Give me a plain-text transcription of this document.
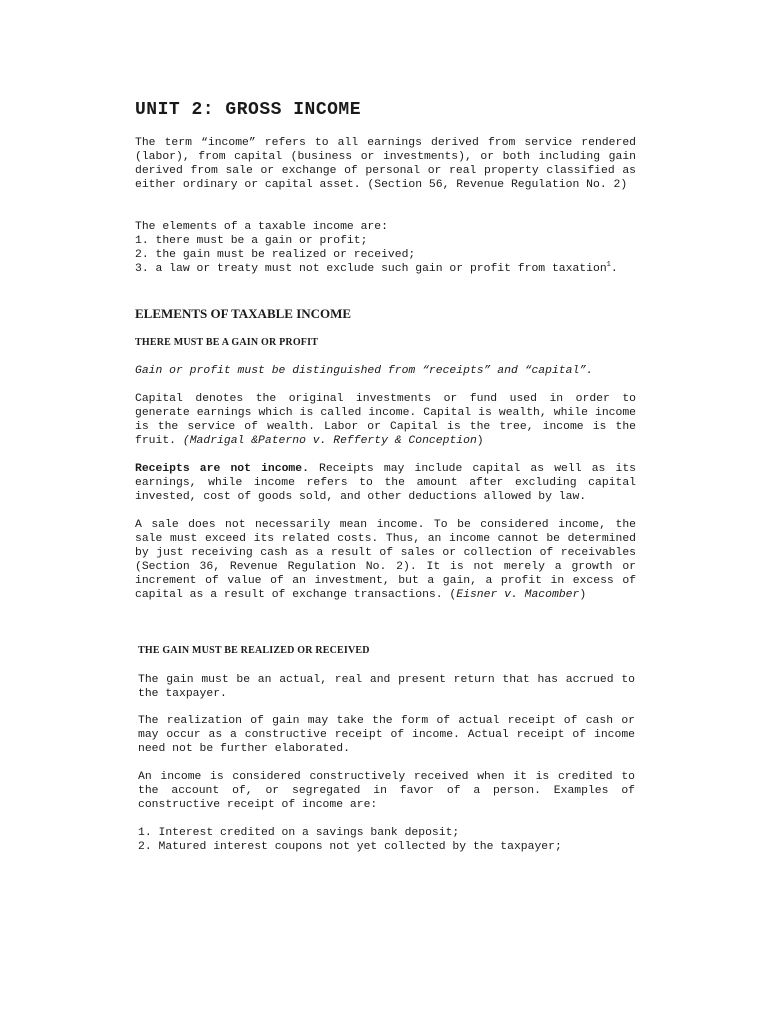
UNIT 2: GROSS INCOME

The term “income” refers to all earnings derived from service rendered (labor), from capital (business or investments), or both including gain derived from sale or exchange of personal or real property classified as either ordinary or capital asset. (Section 56, Revenue Regulation No. 2)

The elements of a taxable income are:

1. there must be a gain or profit;

2. the gain must be realized or received;

3. a law or treaty must not exclude such gain or profit from taxation$^1$.

ELEMENTS OF TAXABLE INCOME
THERE MUST BE A GAIN OR PROFIT

Gain or profit must be distinguished from “receipts” and “capital”.

Capital denotes the original investments or fund used in order to generate earnings which is called income. Capital is wealth, while income is the service of wealth. Labor or Capital is the tree, income is the fruit. (Madrigal &Paterno v. Refferty & Conception)

Receipts are not income. Receipts may include capital as well as its earnings, while income refers to the amount after excluding capital invested, cost of goods sold, and other deductions allowed by law.

A sale does not necessarily mean income. To be considered income, the sale must exceed its related costs. Thus, an income cannot be determined by just receiving cash as a result of sales or collection of receivables (Section 36, Revenue Regulation No. 2). It is not merely a growth or increment of value of an investment, but a gain, a profit in excess of capital as a result of exchange transactions. (Eisner v. Macomber)

THE GAIN MUST BE REALIZED OR RECEIVED

The gain must be an actual, real and present return that has accrued to the taxpayer.

The realization of gain may take the form of actual receipt of cash or may occur as a constructive receipt of income. Actual receipt of income need not be further elaborated.

An income is considered constructively received when it is credited to the account of, or segregated in favor of a person. Examples of constructive receipt of income are:

1. Interest credited on a savings bank deposit;

2. Matured interest coupons not yet collected by the taxpayer;
